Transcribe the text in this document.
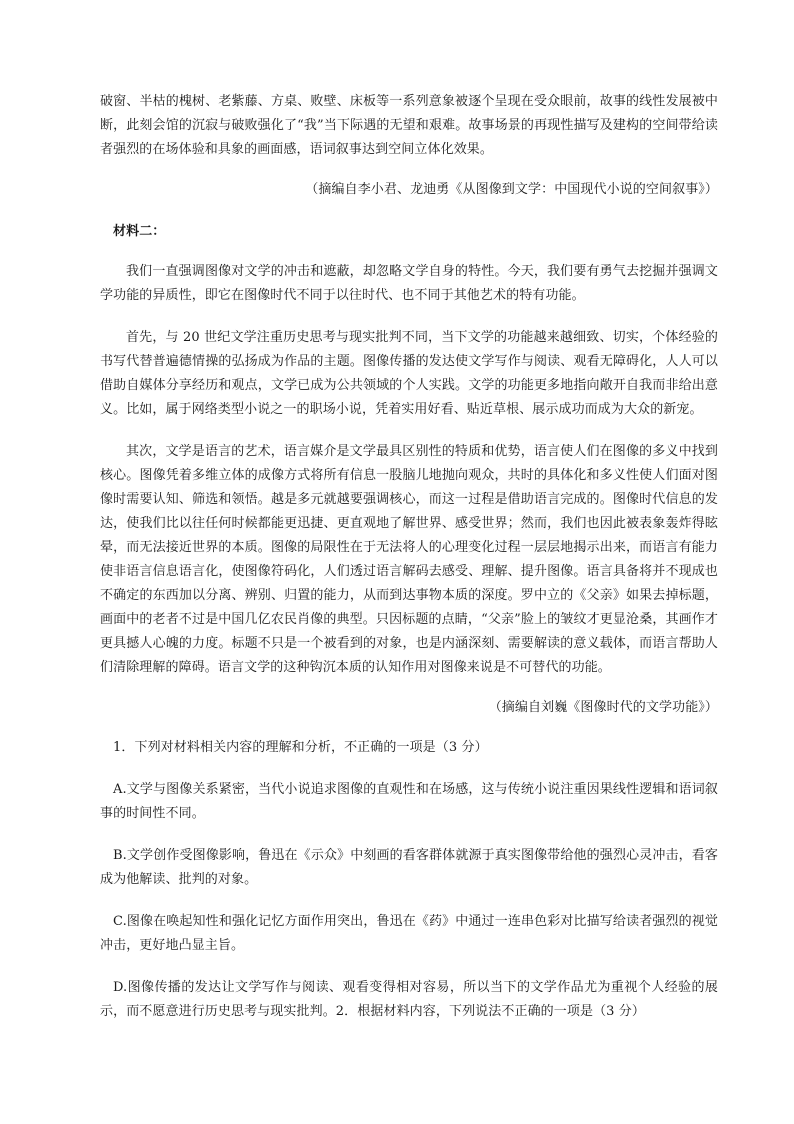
破窗、半枯的槐树、老紫藤、方桌、败壁、床板等一系列意象被逐个呈现在受众眼前，故事的线性发展被中断，此刻会馆的沉寂与破败强化了“我”当下际遇的无望和艰难。故事场景的再现性描写及建构的空间带给读者强烈的在场体验和具象的画面感，语词叙事达到空间立体化效果。

（摘编自李小君、龙迪勇《从图像到文学：中国现代小说的空间叙事》）

材料二：

我们一直强调图像对文学的冲击和遮蔽，却忽略文学自身的特性。今天，我们要有勇气去挖掘并强调文学功能的异质性，即它在图像时代不同于以往时代、也不同于其他艺术的特有功能。

首先，与 20 世纪文学注重历史思考与现实批判不同，当下文学的功能越来越细致、切实，个体经验的书写代替普遍德情操的弘扬成为作品的主题。图像传播的发达使文学写作与阅读、观看无障碍化，人人可以借助自媒体分享经历和观点，文学已成为公共领域的个人实践。文学的功能更多地指向敞开自我而非给出意义。比如，属于网络类型小说之一的职场小说，凭着实用好看、贴近草根、展示成功而成为大众的新宠。

其次，文学是语言的艺术，语言媒介是文学最具区别性的特质和优势，语言使人们在图像的多义中找到核心。图像凭着多维立体的成像方式将所有信息一股脑儿地抛向观众，共时的具体化和多义性使人们面对图像时需要认知、筛选和领悟。越是多元就越要强调核心，而这一过程是借助语言完成的。图像时代信息的发达，使我们比以往任何时候都能更迅捷、更直观地了解世界、感受世界；然而，我们也因此被表象轰炸得眩晕，而无法接近世界的本质。图像的局限性在于无法将人的心理变化过程一层层地揭示出来，而语言有能力使非语言信息语言化，使图像符码化，人们透过语言解码去感受、理解、提升图像。语言具备将并不现成也不确定的东西加以分离、辨别、归置的能力，从而到达事物本质的深度。罗中立的《父亲》如果去掉标题，画面中的老者不过是中国几亿农民肖像的典型。只因标题的点睛，“父亲”脸上的皱纹才更显沧桑，其画作才更具撼人心魄的力度。标题不只是一个被看到的对象，也是内涵深刻、需要解读的意义载体，而语言帮助人们清除理解的障碍。语言文学的这种钩沉本质的认知作用对图像来说是不可替代的功能。

（摘编自刘巍《图像时代的文学功能》）

1．下列对材料相关内容的理解和分析，不正确的一项是（3 分）

A.文学与图像关系紧密，当代小说追求图像的直观性和在场感，这与传统小说注重因果线性逻辑和语词叙事的时间性不同。

B.文学创作受图像影响，鲁迅在《示众》中刻画的看客群体就源于真实图像带给他的强烈心灵冲击，看客成为他解读、批判的对象。

C.图像在唤起知性和强化记忆方面作用突出，鲁迅在《药》中通过一连串色彩对比描写给读者强烈的视觉冲击，更好地凸显主旨。

D.图像传播的发达让文学写作与阅读、观看变得相对容易，所以当下的文学作品尤为重视个人经验的展示，而不愿意进行历史思考与现实批判。2．根据材料内容，下列说法不正确的一项是（3 分）
